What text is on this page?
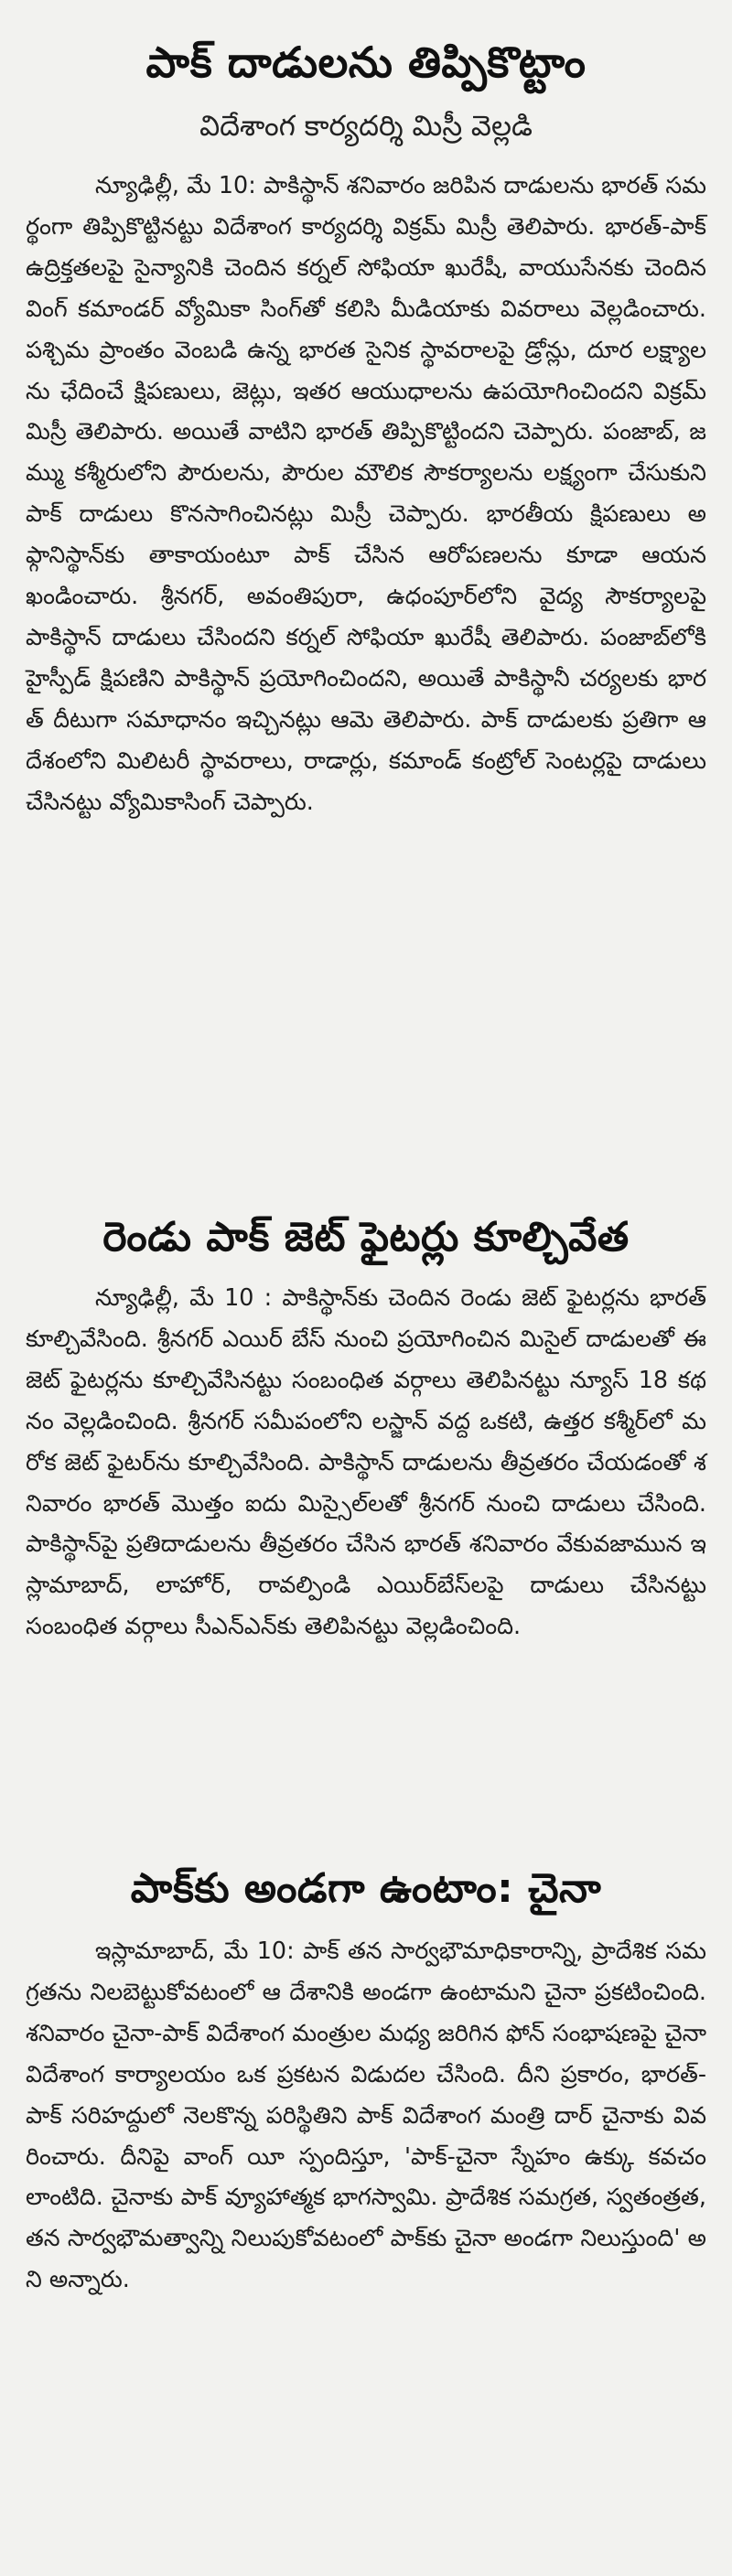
పాక్ దాడులను తిప్పికొట్టాం

విదేశాంగ కార్యదర్శి మిస్రీ వెల్లడి

న్యూఢిల్లీ, మే 10: పాకిస్థాన్ శనివారం జరిపిన దాడులను భారత్ సమర్థంగా తిప్పికొట్టినట్టు విదేశాంగ కార్యదర్శి విక్రమ్ మిస్రీ తెలిపారు. భారత్-పాక్ ఉద్రిక్తతలపై సైన్యానికి చెందిన కర్నల్ సోఫియా ఖురేషీ, వాయుసేనకు చెందిన వింగ్ కమాండర్ వ్యోమికా సింగ్‌తో కలిసి మీడియాకు వివరాలు వెల్లడించారు. పశ్చిమ ప్రాంతం వెంబడి ఉన్న భారత సైనిక స్థావరాలపై డ్రోన్లు, దూర లక్ష్యాలను ఛేదించే క్షిపణులు, జెట్లు, ఇతర ఆయుధాలను ఉపయోగించిందని విక్రమ్ మిస్రీ తెలిపారు. అయితే వాటిని భారత్ తిప్పికొట్టిందని చెప్పారు. పంజాబ్, జమ్ము కశ్మీరులోని పౌరులను, పౌరుల మౌలిక సౌకర్యాలను లక్ష్యంగా చేసుకుని పాక్ దాడులు కొనసాగించినట్లు మిస్రీ చెప్పారు. భారతీయ క్షిపణులు అఫ్గానిస్థాన్‌కు తాకాయంటూ పాక్ చేసిన ఆరోపణలను కూడా ఆయన ఖండించారు. శ్రీనగర్, అవంతిపురా, ఉధంపూర్‌లోని వైద్య సౌకర్యాలపై పాకిస్థాన్ దాడులు చేసిందని కర్నల్ సోఫియా ఖురేషీ తెలిపారు. పంజాబ్‌లోకి హైస్పీడ్ క్షిపణిని పాకిస్థాన్ ప్రయోగించిందని, అయితే పాకిస్థానీ చర్యలకు భారత్ దీటుగా సమాధానం ఇచ్చినట్లు ఆమె తెలిపారు. పాక్ దాడులకు ప్రతిగా ఆ దేశంలోని మిలిటరీ స్థావరాలు, రాడార్లు, కమాండ్ కంట్రోల్ సెంటర్లపై దాడులు చేసినట్టు వ్యోమికాసింగ్ చెప్పారు.

రెండు పాక్ జెట్ ఫైటర్లు కూల్చివేత

న్యూఢిల్లీ, మే 10 : పాకిస్థాన్‌కు చెందిన రెండు జెట్ ఫైటర్లను భారత్ కూల్చివేసింది. శ్రీనగర్ ఎయిర్ బేస్ నుంచి ప్రయోగించిన మిసైల్ దాడులతో ఈ జెట్ ఫైటర్లను కూల్చివేసినట్టు సంబంధిత వర్గాలు తెలిపినట్టు న్యూస్ 18 కథనం వెల్లడించింది. శ్రీనగర్ సమీపంలోని లస్జాన్ వద్ద ఒకటి, ఉత్తర కశ్మీర్‌లో మరోక జెట్ ఫైటర్‌ను కూల్చివేసింది. పాకిస్థాన్ దాడులను తీవ్రతరం చేయడంతో శనివారం భారత్ మొత్తం ఐదు మిస్సైల్‌లతో శ్రీనగర్ నుంచి దాడులు చేసింది. పాకిస్థాన్‌పై ప్రతిదాడులను తీవ్రతరం చేసిన భారత్ శనివారం వేకువజామున ఇస్లామాబాద్, లాహోర్, రావల్పిండి ఎయిర్‌బేస్‌లపై దాడులు చేసినట్టు సంబంధిత వర్గాలు సీఎన్ఎన్‌కు తెలిపినట్టు వెల్లడించింది.

పాక్‌కు అండగా ఉంటాం: చైనా

ఇస్లామాబాద్, మే 10: పాక్ తన సార్వభౌమాధికారాన్ని, ప్రాదేశిక సమగ్రతను నిలబెట్టుకోవటంలో ఆ దేశానికి అండగా ఉంటామని చైనా ప్రకటించింది. శనివారం చైనా-పాక్ విదేశాంగ మంత్రుల మధ్య జరిగిన ఫోన్ సంభాషణపై చైనా విదేశాంగ కార్యాలయం ఒక ప్రకటన విడుదల చేసింది. దీని ప్రకారం, భారత్-పాక్ సరిహద్దులో నెలకొన్న పరిస్థితిని పాక్ విదేశాంగ మంత్రి దార్ చైనాకు వివరించారు. దీనిపై వాంగ్ యీ స్పందిస్తూ, 'పాక్-చైనా స్నేహం ఉక్కు కవచం లాంటిది. చైనాకు పాక్ వ్యూహాత్మక భాగస్వామి. ప్రాదేశిక సమగ్రత, స్వతంత్రత, తన సార్వభౌమత్వాన్ని నిలుపుకోవటంలో పాక్‌కు చైనా అండగా నిలుస్తుంది' అని అన్నారు.
